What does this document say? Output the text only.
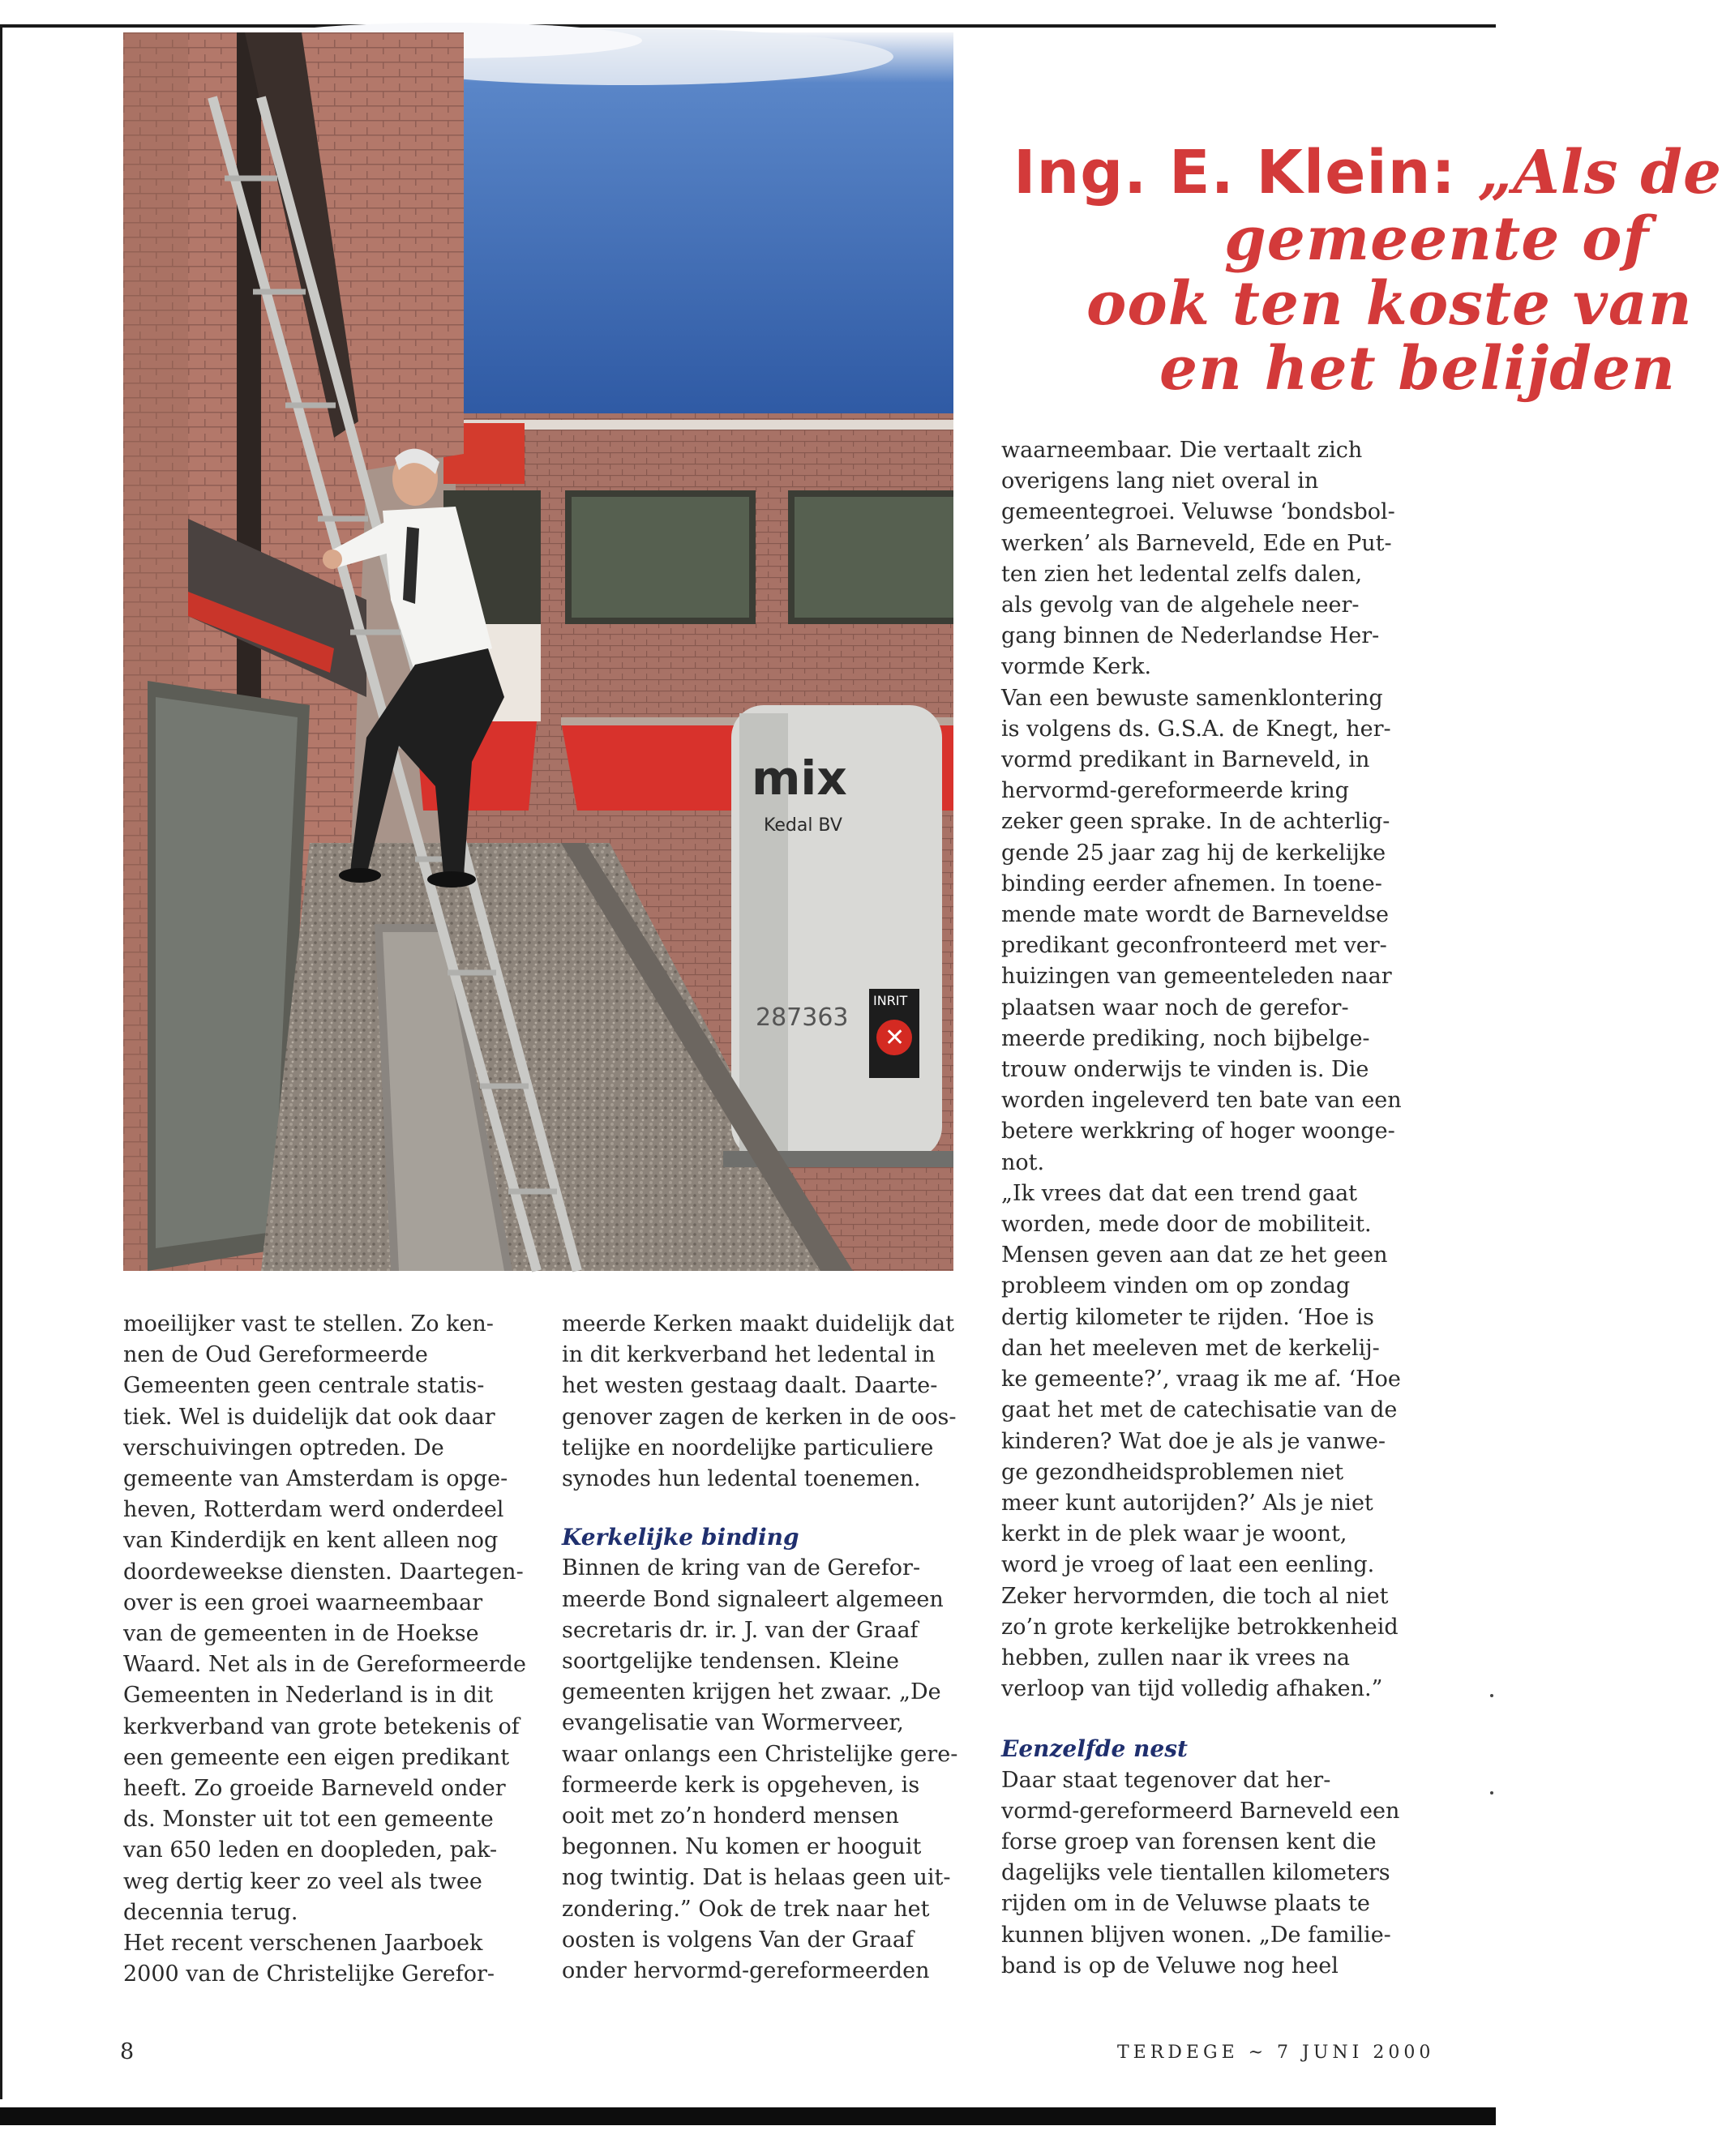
mix
Kedal BV
287363
INRIT
✕
Ing. E. Klein: „Als de
gemeente of
ook ten koste van
en het belijden

moeilijker vast te stellen. Zo ken-

nen de Oud Gereformeerde

Gemeenten geen centrale statis-

tiek. Wel is duidelijk dat ook daar

verschuivingen optreden. De

gemeente van Amsterdam is opge-

heven, Rotterdam werd onderdeel

van Kinderdijk en kent alleen nog

doordeweekse diensten. Daartegen-

over is een groei waarneembaar

van de gemeenten in de Hoekse

Waard. Net als in de Gereformeerde

Gemeenten in Nederland is in dit

kerkverband van grote betekenis of

een gemeente een eigen predikant

heeft. Zo groeide Barneveld onder

ds. Monster uit tot een gemeente

van 650 leden en doopleden, pak-

weg dertig keer zo veel als twee

decennia terug.

Het recent verschenen Jaarboek

2000 van de Christelijke Gerefor-

meerde Kerken maakt duidelijk dat

in dit kerkverband het ledental in

het westen gestaag daalt. Daarte-

genover zagen de kerken in de oos-

telijke en noordelijke particuliere

synodes hun ledental toenemen.

Kerkelijke binding

Binnen de kring van de Gerefor-

meerde Bond signaleert algemeen

secretaris dr. ir. J. van der Graaf

soortgelijke tendensen. Kleine

gemeenten krijgen het zwaar. „De

evangelisatie van Wormerveer,

waar onlangs een Christelijke gere-

formeerde kerk is opgeheven, is

ooit met zo’n honderd mensen

begonnen. Nu komen er hooguit

nog twintig. Dat is helaas geen uit-

zondering.” Ook de trek naar het

oosten is volgens Van der Graaf

onder hervormd-gereformeerden

waarneembaar. Die vertaalt zich

overigens lang niet overal in

gemeentegroei. Veluwse ‘bondsbol-

werken’ als Barneveld, Ede en Put-

ten zien het ledental zelfs dalen,

als gevolg van de algehele neer-

gang binnen de Nederlandse Her-

vormde Kerk.

Van een bewuste samenklontering

is volgens ds. G.S.A. de Knegt, her-

vormd predikant in Barneveld, in

hervormd-gereformeerde kring

zeker geen sprake. In de achterlig-

gende 25 jaar zag hij de kerkelijke

binding eerder afnemen. In toene-

mende mate wordt de Barneveldse

predikant geconfronteerd met ver-

huizingen van gemeenteleden naar

plaatsen waar noch de gerefor-

meerde prediking, noch bijbelge-

trouw onderwijs te vinden is. Die

worden ingeleverd ten bate van een

betere werkkring of hoger woonge-

not.

„Ik vrees dat dat een trend gaat

worden, mede door de mobiliteit.

Mensen geven aan dat ze het geen

probleem vinden om op zondag

dertig kilometer te rijden. ‘Hoe is

dan het meeleven met de kerkelij-

ke gemeente?’, vraag ik me af. ‘Hoe

gaat het met de catechisatie van de

kinderen? Wat doe je als je vanwe-

ge gezondheidsproblemen niet

meer kunt autorijden?’ Als je niet

kerkt in de plek waar je woont,

word je vroeg of laat een eenling.

Zeker hervormden, die toch al niet

zo’n grote kerkelijke betrokkenheid

hebben, zullen naar ik vrees na

verloop van tijd volledig afhaken.”

Eenzelfde nest

Daar staat tegenover dat her-

vormd-gereformeerd Barneveld een

forse groep van forensen kent die

dagelijks vele tientallen kilometers

rijden om in de Veluwse plaats te

kunnen blijven wonen. „De familie-

band is op de Veluwe nog heel

8	TERDEGE ~ 7 JUNI 2000
